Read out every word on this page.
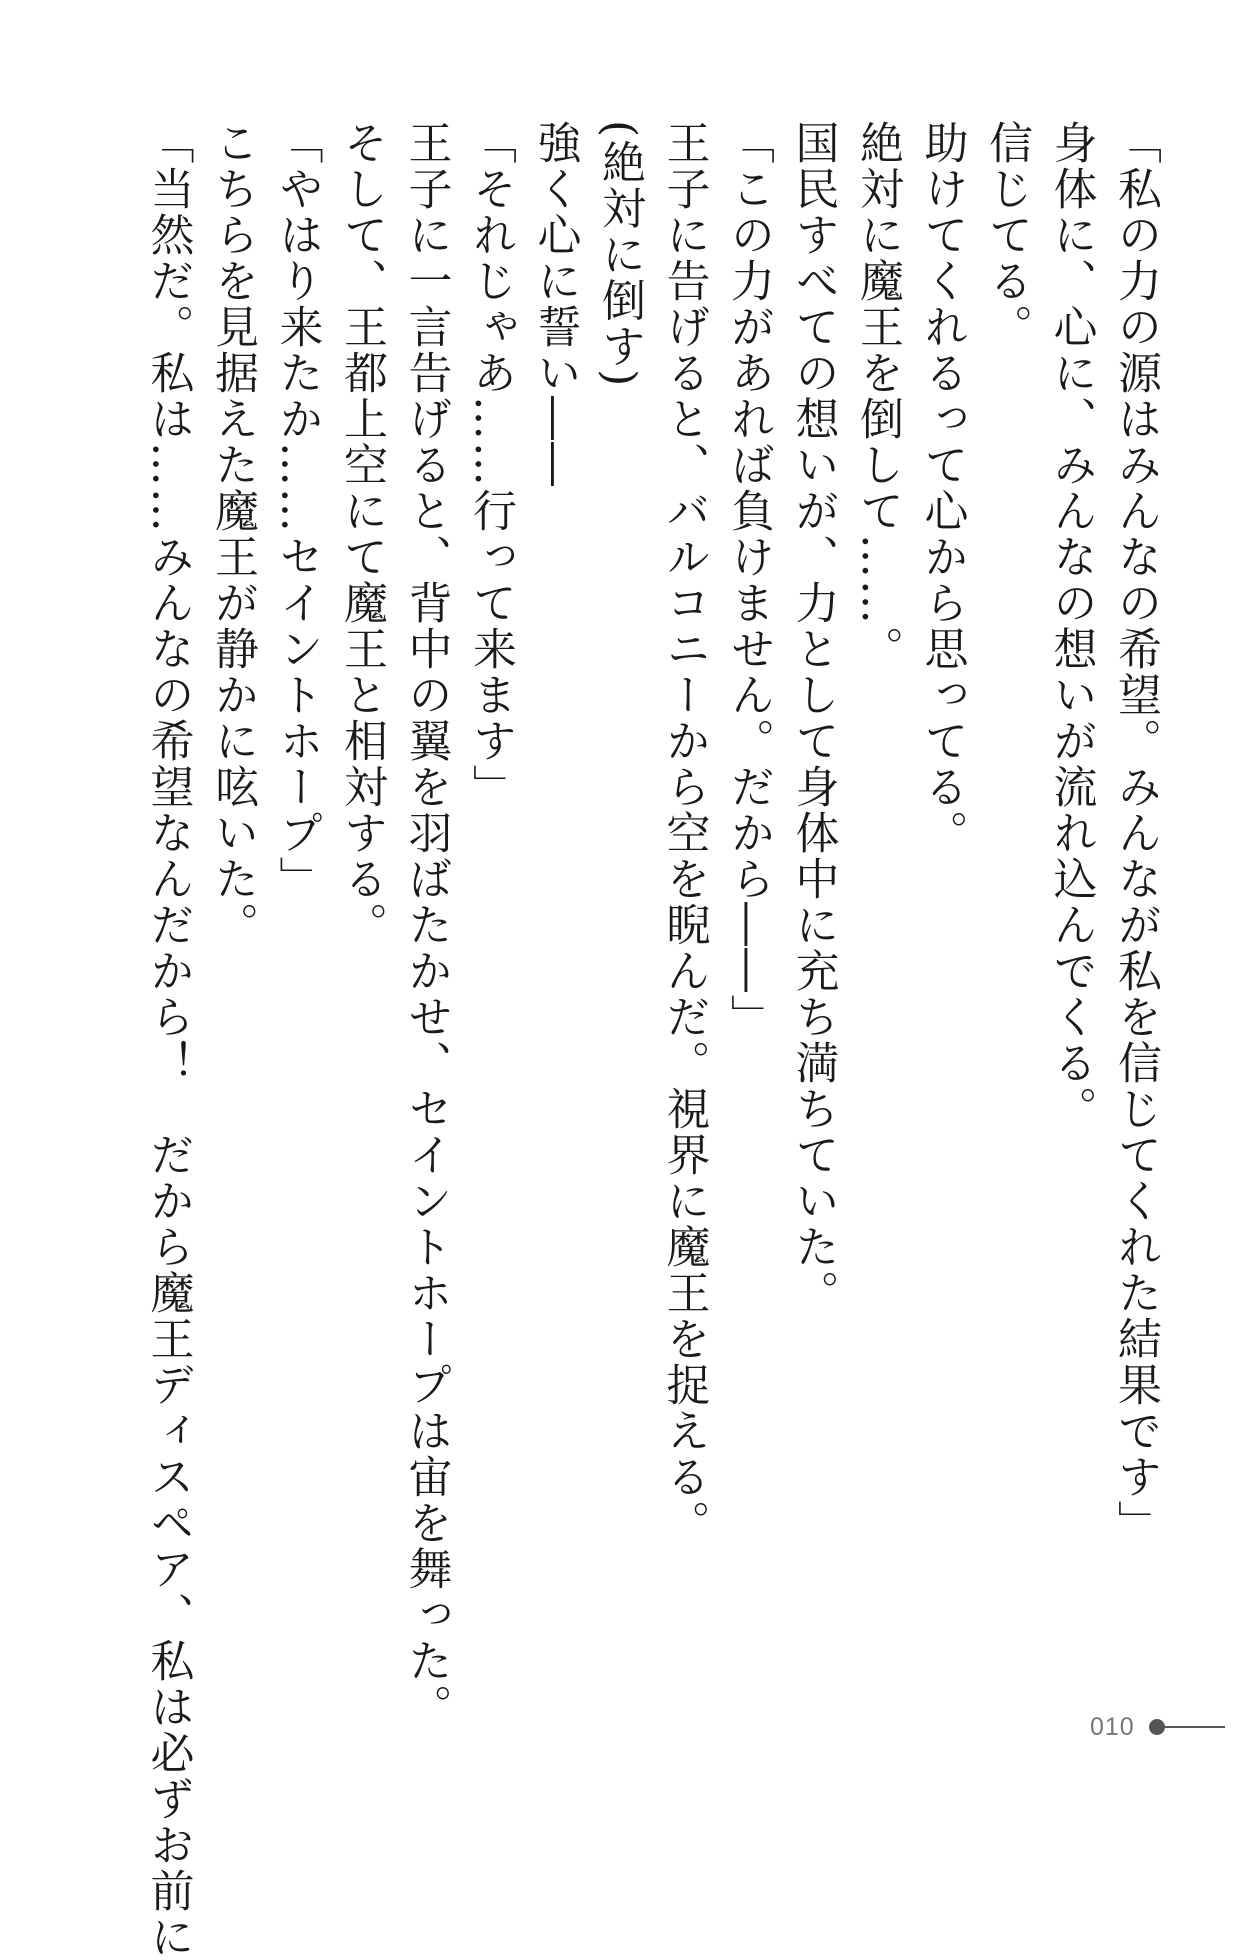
「私の力の源はみんなの希望。みんなが私を信じてくれた結果です」

身体に、心に、みんなの想いが流れ込んでくる。

信じてる。

助けてくれるって心から思ってる。

絶対に魔王を倒して……。

国民すべての想いが、力として身体中に充ち満ちていた。

「この力があれば負けません。だから――」

王子に告げると、バルコニーから空を睨んだ。視界に魔王を捉える。

(絶対に倒す)

強く心に誓い――

「それじゃあ……行って来ます」

王子に一言告げると、背中の翼を羽ばたかせ、セイントホープは宙を舞った。

そして、王都上空にて魔王と相対する。

「やはり来たか……セイントホープ」

こちらを見据えた魔王が静かに呟いた。

「当然だ。私は……みんなの希望なんだから！　だから魔王ディスペア、私は必ずお前に	010
